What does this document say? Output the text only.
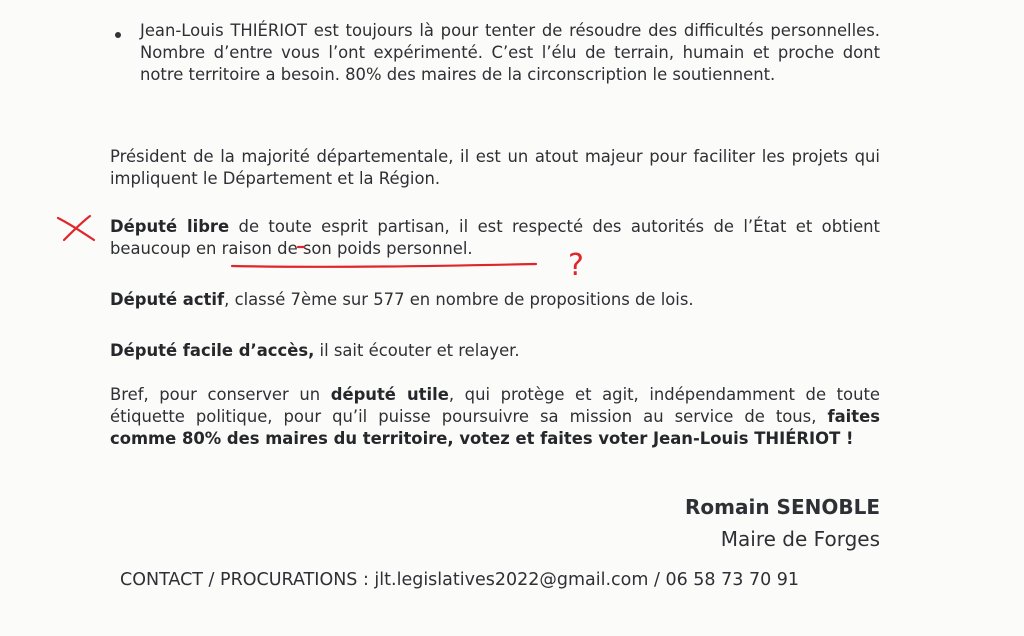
Jean-Louis THIÉRIOT est toujours là pour tenter de résoudre des difficultés personnelles. Nombre d’entre vous l’ont expérimenté. C’est l’élu de terrain, humain et proche dont notre territoire a besoin. 80% des maires de la circonscription le soutiennent.

Président de la majorité départementale, il est un atout majeur pour faciliter les projets qui impliquent le Département et la Région.

Député libre de toute esprit partisan, il est respecté des autorités de l’État et obtient beaucoup en raison de son poids personnel.

Député actif, classé 7ème sur 577 en nombre de propositions de lois.

Député facile d’accès, il sait écouter et relayer.

Bref, pour conserver un député utile, qui protège et agit, indépendamment de toute étiquette politique, pour qu’il puisse poursuivre sa mission au service de tous, faites comme 80% des maires du territoire, votez et faites voter Jean-Louis THIÉRIOT !

Romain SENOBLE

Maire de Forges

CONTACT / PROCURATIONS : jlt.legislatives2022@gmail.com / 06 58 73 70 91

?
